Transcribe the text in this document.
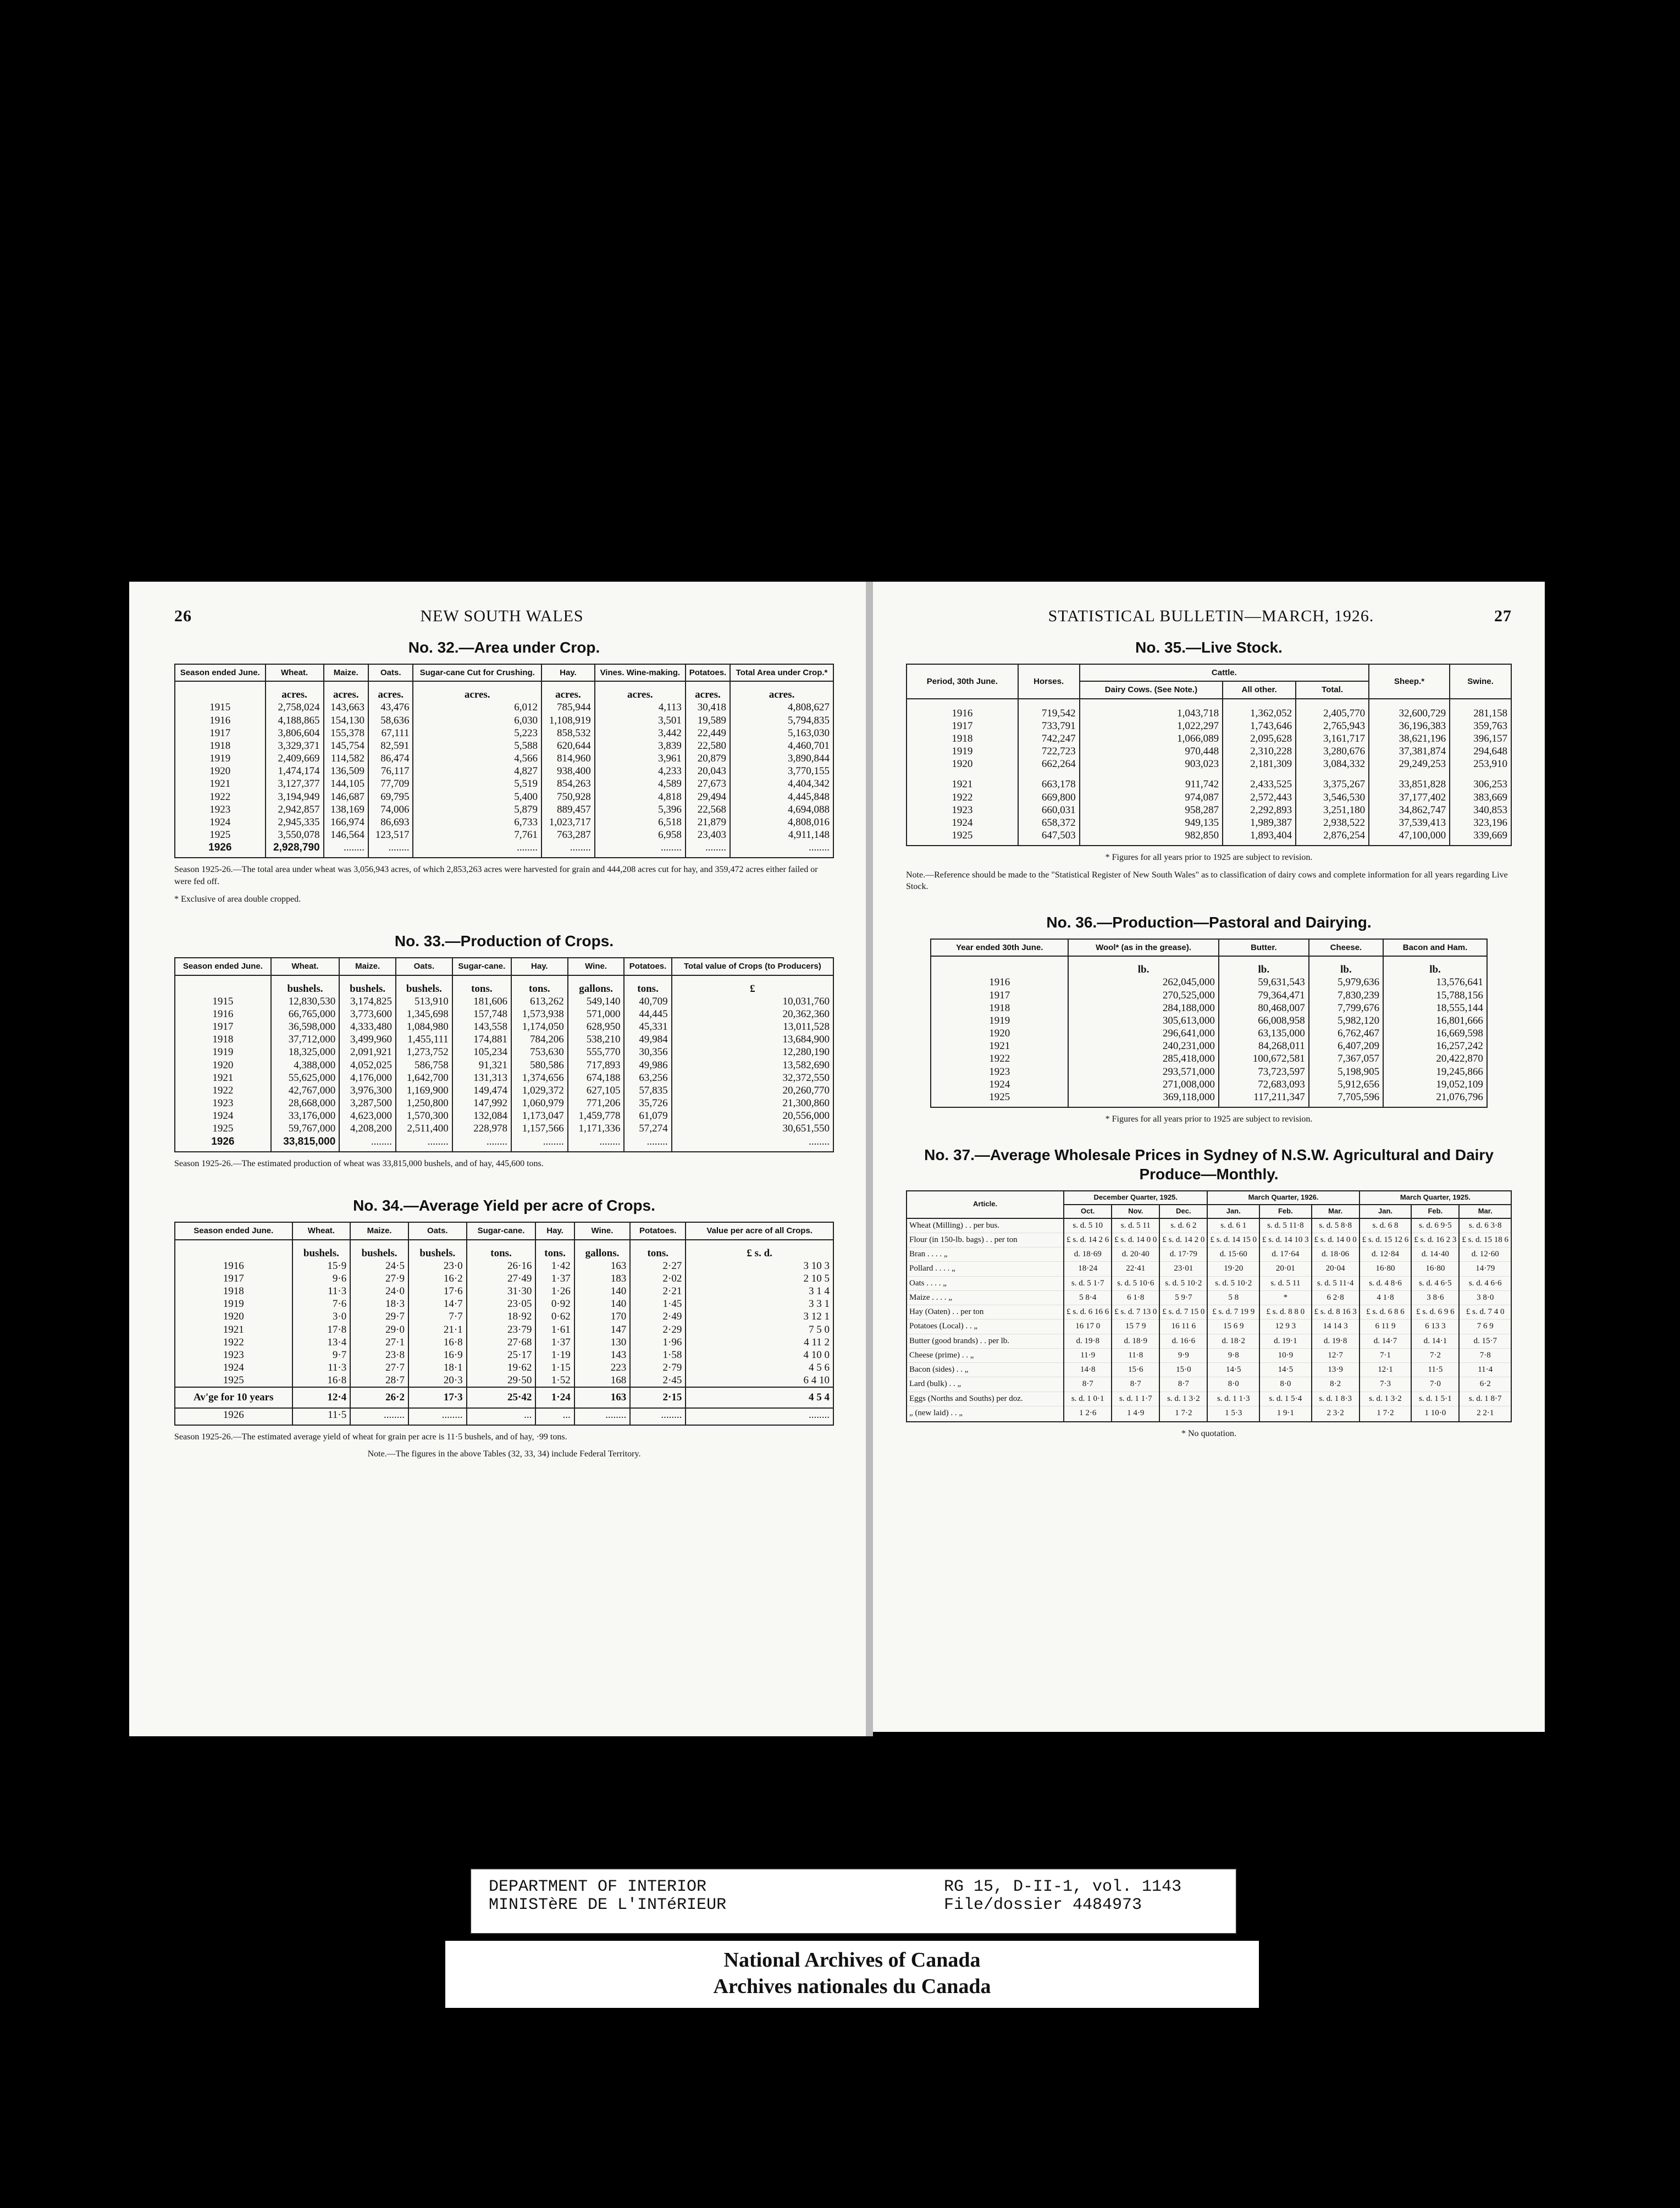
26	NEW SOUTH WALES
No. 32.—Area under Crop.
Season ended June.	Wheat.	Maize.	Oats.	Sugar-cane Cut for Crushing.	Hay.	Vines. Wine-making.	Potatoes.	Total Area under Crop.*
	acres.	acres.	acres.	acres.	acres.	acres.	acres.	acres.
1915	2,758,024	143,663	43,476	6,012	785,944	4,113	30,418	4,808,627
1916	4,188,865	154,130	58,636	6,030	1,108,919	3,501	19,589	5,794,835
1917	3,806,604	155,378	67,111	5,223	858,532	3,442	22,449	5,163,030
1918	3,329,371	145,754	82,591	5,588	620,644	3,839	22,580	4,460,701
1919	2,409,669	114,582	86,474	4,566	814,960	3,961	20,879	3,890,844
1920	1,474,174	136,509	76,117	4,827	938,400	4,233	20,043	3,770,155
1921	3,127,377	144,105	77,709	5,519	854,263	4,589	27,673	4,404,342
1922	3,194,949	146,687	69,795	5,400	750,928	4,818	29,494	4,445,848
1923	2,942,857	138,169	74,006	5,879	889,457	5,396	22,568	4,694,088
1924	2,945,335	166,974	86,693	6,733	1,023,717	6,518	21,879	4,808,016
1925	3,550,078	146,564	123,517	7,761	763,287	6,958	23,403	4,911,148
1926	2,928,790	........	........	........	........	........	........	........
Season 1925-26.—The total area under wheat was 3,056,943 acres, of which 2,853,263 acres were harvested for grain and 444,208 acres cut for hay, and 359,472 acres either failed or were fed off.
* Exclusive of area double cropped.
No. 33.—Production of Crops.
Season ended June.	Wheat.	Maize.	Oats.	Sugar-cane.	Hay.	Wine.	Potatoes.	Total value of Crops (to Producers)
	bushels.	bushels.	bushels.	tons.	tons.	gallons.	tons.	£
1915	12,830,530	3,174,825	513,910	181,606	613,262	549,140	40,709	10,031,760
1916	66,765,000	3,773,600	1,345,698	157,748	1,573,938	571,000	44,445	20,362,360
1917	36,598,000	4,333,480	1,084,980	143,558	1,174,050	628,950	45,331	13,011,528
1918	37,712,000	3,499,960	1,455,111	174,881	784,206	538,210	49,984	13,684,900
1919	18,325,000	2,091,921	1,273,752	105,234	753,630	555,770	30,356	12,280,190
1920	4,388,000	4,052,025	586,758	91,321	580,586	717,893	49,986	13,582,690
1921	55,625,000	4,176,000	1,642,700	131,313	1,374,656	674,188	63,256	32,372,550
1922	42,767,000	3,976,300	1,169,900	149,474	1,029,372	627,105	57,835	20,260,770
1923	28,668,000	3,287,500	1,250,800	147,992	1,060,979	771,206	35,726	21,300,860
1924	33,176,000	4,623,000	1,570,300	132,084	1,173,047	1,459,778	61,079	20,556,000
1925	59,767,000	4,208,200	2,511,400	228,978	1,157,566	1,171,336	57,274	30,651,550
1926	33,815,000	........	........	........	........	........	........	........
Season 1925-26.—The estimated production of wheat was 33,815,000 bushels, and of hay, 445,600 tons.
No. 34.—Average Yield per acre of Crops.
Season ended June.	Wheat.	Maize.	Oats.	Sugar-cane.	Hay.	Wine.	Potatoes.	Value per acre of all Crops.
	bushels.	bushels.	bushels.	tons.	tons.	gallons.	tons.	£ s. d.
1916	15·9	24·5	23·0	26·16	1·42	163	2·27	3 10 3
1917	9·6	27·9	16·2	27·49	1·37	183	2·02	2 10 5
1918	11·3	24·0	17·6	31·30	1·26	140	2·21	3 1 4
1919	7·6	18·3	14·7	23·05	0·92	140	1·45	3 3 1
1920	3·0	29·7	7·7	18·92	0·62	170	2·49	3 12 1
1921	17·8	29·0	21·1	23·79	1·61	147	2·29	7 5 0
1922	13·4	27·1	16·8	27·68	1·37	130	1·96	4 11 2
1923	9·7	23·8	16·9	25·17	1·19	143	1·58	4 10 0
1924	11·3	27·7	18·1	19·62	1·15	223	2·79	4 5 6
1925	16·8	28·7	20·3	29·50	1·52	168	2·45	6 4 10
Av'ge for 10 years	12·4	26·2	17·3	25·42	1·24	163	2·15	4 5 4
1926	11·5	........	........	...	...	........	........	........
Season 1925-26.—The estimated average yield of wheat for grain per acre is 11·5 bushels, and of hay, ·99 tons.
Note.—The figures in the above Tables (32, 33, 34) include Federal Territory.
STATISTICAL BULLETIN—MARCH, 1926.	27
No. 35.—Live Stock.
Period, 30th June.	Horses.	Cattle.			Sheep.*	Swine.
		Dairy Cows. (See Note.)	All other.	Total.		
1916	719,542	1,043,718	1,362,052	2,405,770	32,600,729	281,158
1917	733,791	1,022,297	1,743,646	2,765,943	36,196,383	359,763
1918	742,247	1,066,089	2,095,628	3,161,717	38,621,196	396,157
1919	722,723	970,448	2,310,228	3,280,676	37,381,874	294,648
1920	662,264	903,023	2,181,309	3,084,332	29,249,253	253,910
1921	663,178	911,742	2,433,525	3,375,267	33,851,828	306,253
1922	669,800	974,087	2,572,443	3,546,530	37,177,402	383,669
1923	660,031	958,287	2,292,893	3,251,180	34,862,747	340,853
1924	658,372	949,135	1,989,387	2,938,522	37,539,413	323,196
1925	647,503	982,850	1,893,404	2,876,254	47,100,000	339,669
* Figures for all years prior to 1925 are subject to revision.
Note.—Reference should be made to the "Statistical Register of New South Wales" as to classification of dairy cows and complete information for all years regarding Live Stock.
No. 36.—Production—Pastoral and Dairying.
Year ended 30th June.	Wool* (as in the grease).	Butter.	Cheese.	Bacon and Ham.
	lb.	lb.	lb.	lb.
1916	262,045,000	59,631,543	5,979,636	13,576,641
1917	270,525,000	79,364,471	7,830,239	15,788,156
1918	284,188,000	80,468,007	7,799,676	18,555,144
1919	305,613,000	66,008,958	5,982,120	16,801,666
1920	296,641,000	63,135,000	6,762,467	16,669,598
1921	240,231,000	84,268,011	6,407,209	16,257,242
1922	285,418,000	100,672,581	7,367,057	20,422,870
1923	293,571,000	73,723,597	5,198,905	19,245,866
1924	271,008,000	72,683,093	5,912,656	19,052,109
1925	369,118,000	117,211,347	7,705,596	21,076,796
* Figures for all years prior to 1925 are subject to revision.
No. 37.—Average Wholesale Prices in Sydney of N.S.W. Agricultural and Dairy Produce—Monthly.
Article.	December Quarter, 1925.			March Quarter, 1926.			March Quarter, 1925.		
	Oct.	Nov.	Dec.	Jan.	Feb.	Mar.	Jan.	Feb.	Mar.
Wheat (Milling) . . per bus.	s. d. 5 10	s. d. 5 11	s. d. 6 2	s. d. 6 1	s. d. 5 11·8	s. d. 5 8·8	s. d. 6 8	s. d. 6 9·5	s. d. 6 3·8
Flour (in 150-lb. bags) . . per ton	£ s. d. 14 2 6	£ s. d. 14 0 0	£ s. d. 14 2 0	£ s. d. 14 15 0	£ s. d. 14 10 3	£ s. d. 14 0 0	£ s. d. 15 12 6	£ s. d. 16 2 3	£ s. d. 15 18 6
Bran . . . . „	d. 18·69	d. 20·40	d. 17·79	d. 15·60	d. 17·64	d. 18·06	d. 12·84	d. 14·40	d. 12·60
Pollard . . . . „	18·24	22·41	23·01	19·20	20·01	20·04	16·80	16·80	14·79
Oats . . . . „	s. d. 5 1·7	s. d. 5 10·6	s. d. 5 10·2	s. d. 5 10·2	s. d. 5 11	s. d. 5 11·4	s. d. 4 8·6	s. d. 4 6·5	s. d. 4 6·6
Maize . . . . „	5 8·4	6 1·8	5 9·7	5 8	*	6 2·8	4 1·8	3 8·6	3 8·0
Hay (Oaten) . . per ton	£ s. d. 6 16 6	£ s. d. 7 13 0	£ s. d. 7 15 0	£ s. d. 7 19 9	£ s. d. 8 8 0	£ s. d. 8 16 3	£ s. d. 6 8 6	£ s. d. 6 9 6	£ s. d. 7 4 0
Potatoes (Local) . . „	16 17 0	15 7 9	16 11 6	15 6 9	12 9 3	14 14 3	6 11 9	6 13 3	7 6 9
Butter (good brands) . . per lb.	d. 19·8	d. 18·9	d. 16·6	d. 18·2	d. 19·1	d. 19·8	d. 14·7	d. 14·1	d. 15·7
Cheese (prime) . . „	11·9	11·8	9·9	9·8	10·9	12·7	7·1	7·2	7·8
Bacon (sides) . . „	14·8	15·6	15·0	14·5	14·5	13·9	12·1	11·5	11·4
Lard (bulk) . . „	8·7	8·7	8·7	8·0	8·0	8·2	7·3	7·0	6·2
Eggs (Norths and Souths) per doz.	s. d. 1 0·1	s. d. 1 1·7	s. d. 1 3·2	s. d. 1 1·3	s. d. 1 5·4	s. d. 1 8·3	s. d. 1 3·2	s. d. 1 5·1	s. d. 1 8·7
„ (new laid) . . „	1 2·6	1 4·9	1 7·2	1 5·3	1 9·1	2 3·2	1 7·2	1 10·0	2 2·1
* No quotation.
DEPARTMENT OF INTERIOR
MINISTèRE DE L'INTéRIEUR
RG 15, D-II-1, vol. 1143
File/dossier 4484973
National Archives of Canada
Archives nationales du Canada
